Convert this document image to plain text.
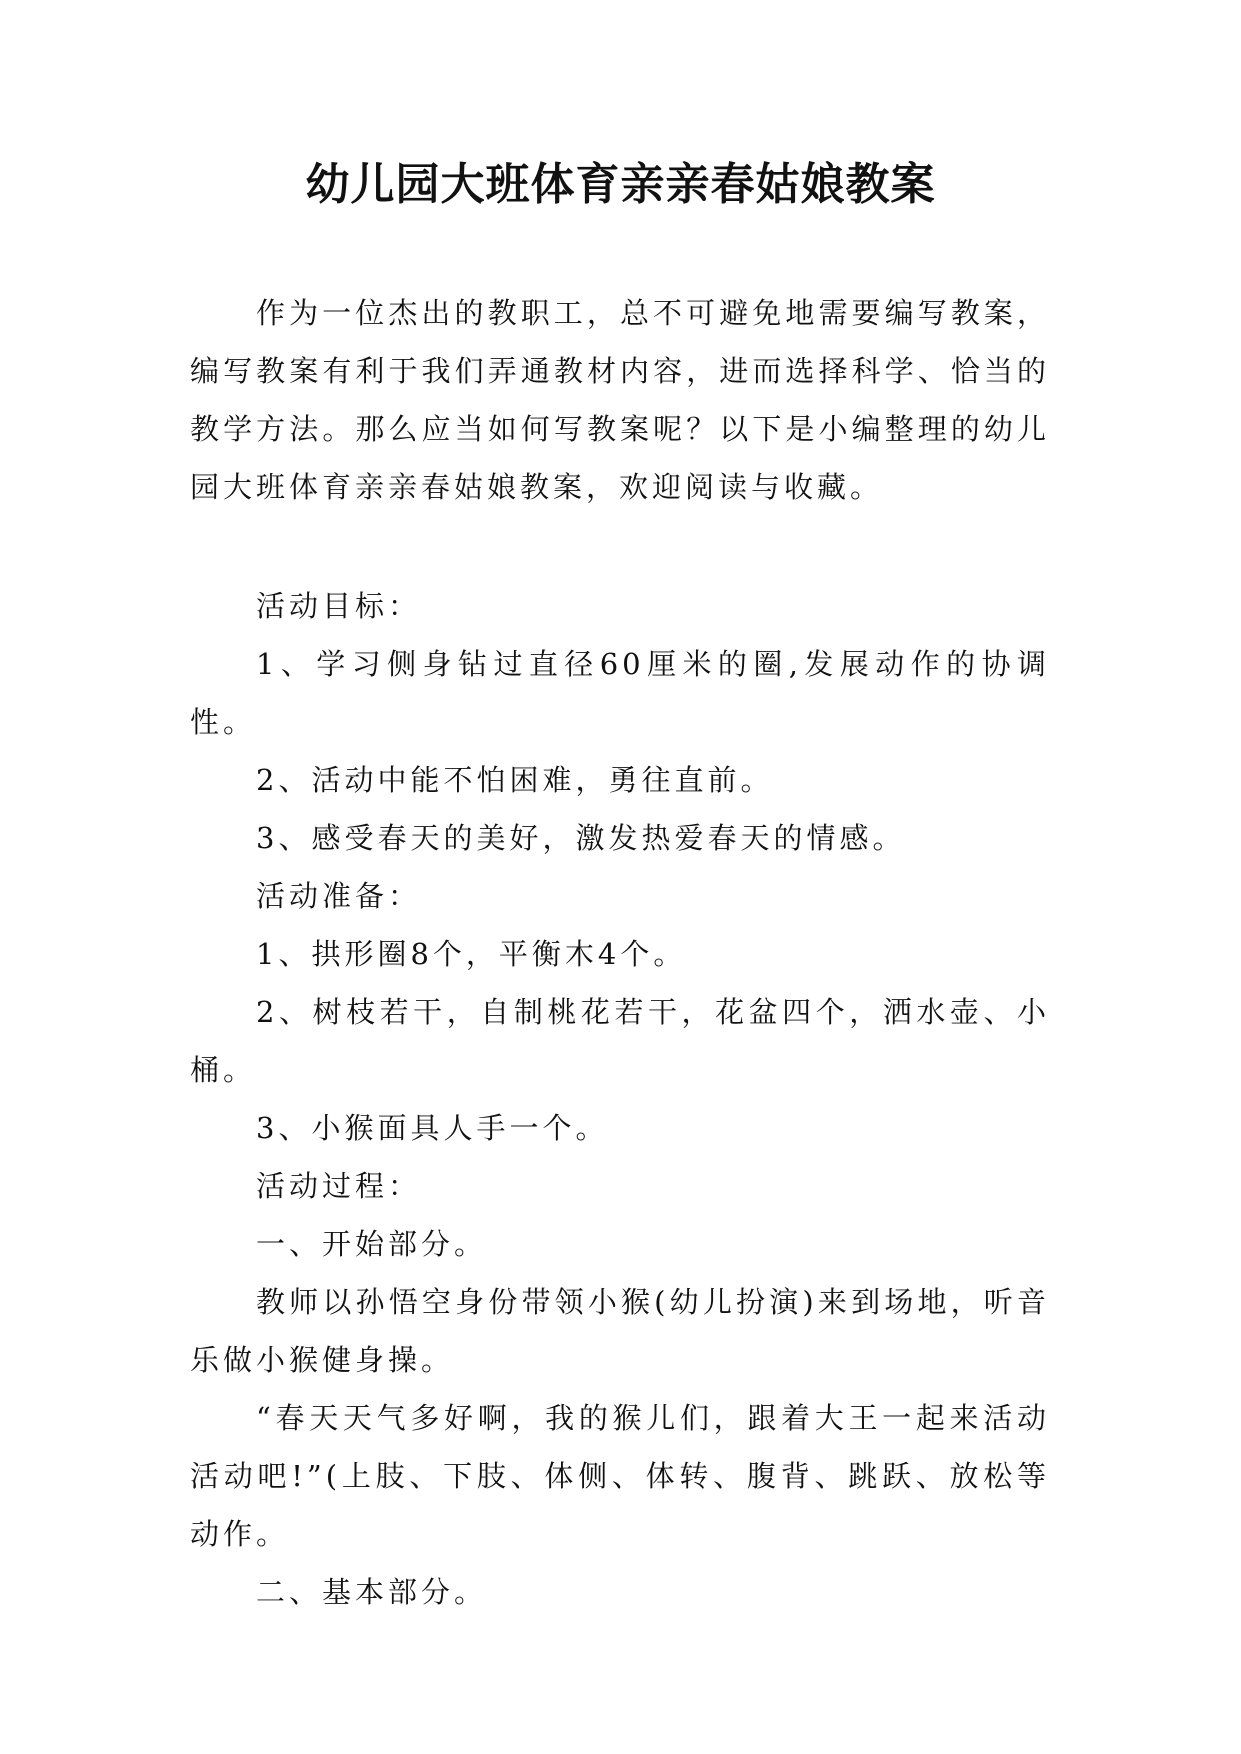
幼儿园大班体育亲亲春姑娘教案

作为一位杰出的教职工，总不可避免地需要编写教案，编写教案有利于我们弄通教材内容，进而选择科学、恰当的教学方法。那么应当如何写教案呢？以下是小编整理的幼儿园大班体育亲亲春姑娘教案，欢迎阅读与收藏。

活动目标：

1、学习侧身钻过直径60厘米的圈,发展动作的协调性。

2、活动中能不怕困难，勇往直前。

3、感受春天的美好，激发热爱春天的情感。

活动准备：

1、拱形圈8个，平衡木4个。

2、树枝若干，自制桃花若干，花盆四个，洒水壶、小桶。

3、小猴面具人手一个。

活动过程：

一、开始部分。

教师以孙悟空身份带领小猴(幼儿扮演)来到场地，听音乐做小猴健身操。

“春天天气多好啊，我的猴儿们，跟着大王一起来活动活动吧!”(上肢、下肢、体侧、体转、腹背、跳跃、放松等动作。

二、基本部分。
